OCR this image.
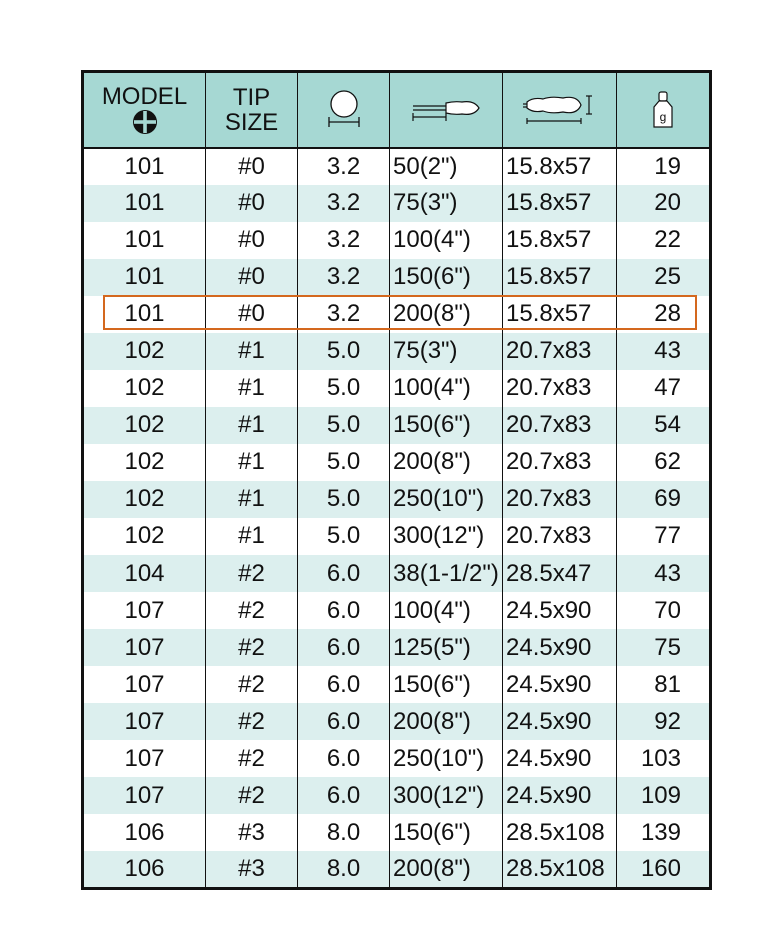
MODEL	TIP
SIZE				g

101	#0	3.2	50(2")	15.8x57	19
101	#0	3.2	75(3")	15.8x57	20
101	#0	3.2	100(4")	15.8x57	22
101	#0	3.2	150(6")	15.8x57	25
101	#0	3.2	200(8")	15.8x57	28
102	#1	5.0	75(3")	20.7x83	43
102	#1	5.0	100(4")	20.7x83	47
102	#1	5.0	150(6")	20.7x83	54
102	#1	5.0	200(8")	20.7x83	62
102	#1	5.0	250(10")	20.7x83	69
102	#1	5.0	300(12")	20.7x83	77
104	#2	6.0	38(1-1/2")	28.5x47	43
107	#2	6.0	100(4")	24.5x90	70
107	#2	6.0	125(5")	24.5x90	75
107	#2	6.0	150(6")	24.5x90	81
107	#2	6.0	200(8")	24.5x90	92
107	#2	6.0	250(10")	24.5x90	103
107	#2	6.0	300(12")	24.5x90	109
106	#3	8.0	150(6")	28.5x108	139
106	#3	8.0	200(8")	28.5x108	160
